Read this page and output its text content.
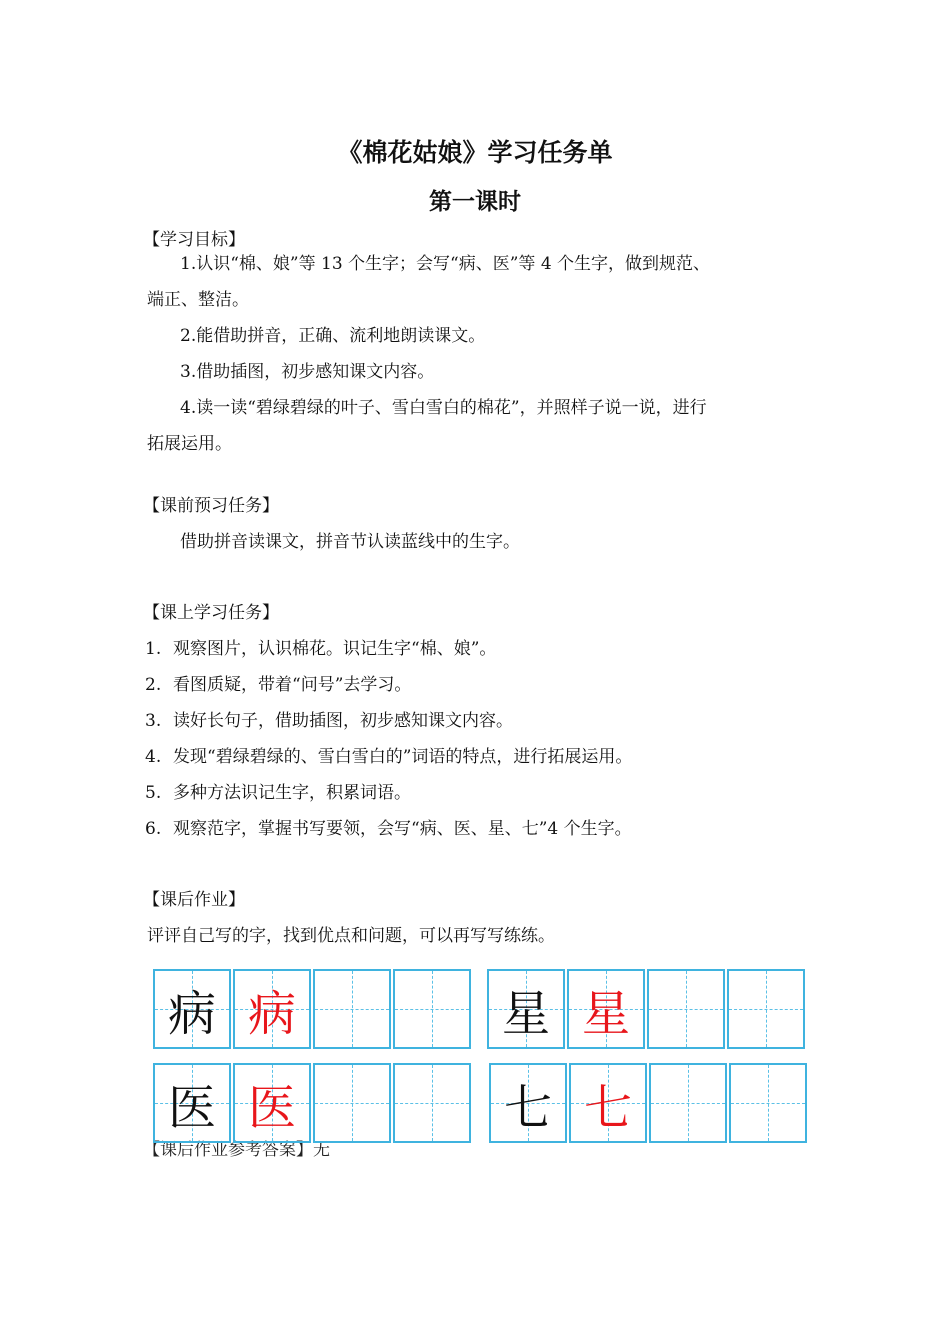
《棉花姑娘》学习任务单
第一课时
【学习目标】
1.认识“棉、娘”等 13 个生字；会写“病、医”等 4 个生字，做到规范、
端正、整洁。
2.能借助拼音，正确、流利地朗读课文。
3.借助插图，初步感知课文内容。
4.读一读“碧绿碧绿的叶子、雪白雪白的棉花”，并照样子说一说，进行
拓展运用。
【课前预习任务】
借助拼音读课文，拼音节认读蓝线中的生字。
【课上学习任务】
1. 观察图片，认识棉花。识记生字“棉、娘”。
2. 看图质疑，带着“问号”去学习。
3. 读好长句子，借助插图，初步感知课文内容。
4. 发现“碧绿碧绿的、雪白雪白的”词语的特点，进行拓展运用。
5. 多种方法识记生字，积累词语。
6. 观察范字，掌握书写要领，会写“病、医、星、七”4 个生字。
【课后作业】
评评自己写的字，找到优点和问题，可以再写写练练。
【课后作业参考答案】无
病 病	星 星
医 医	七 七
